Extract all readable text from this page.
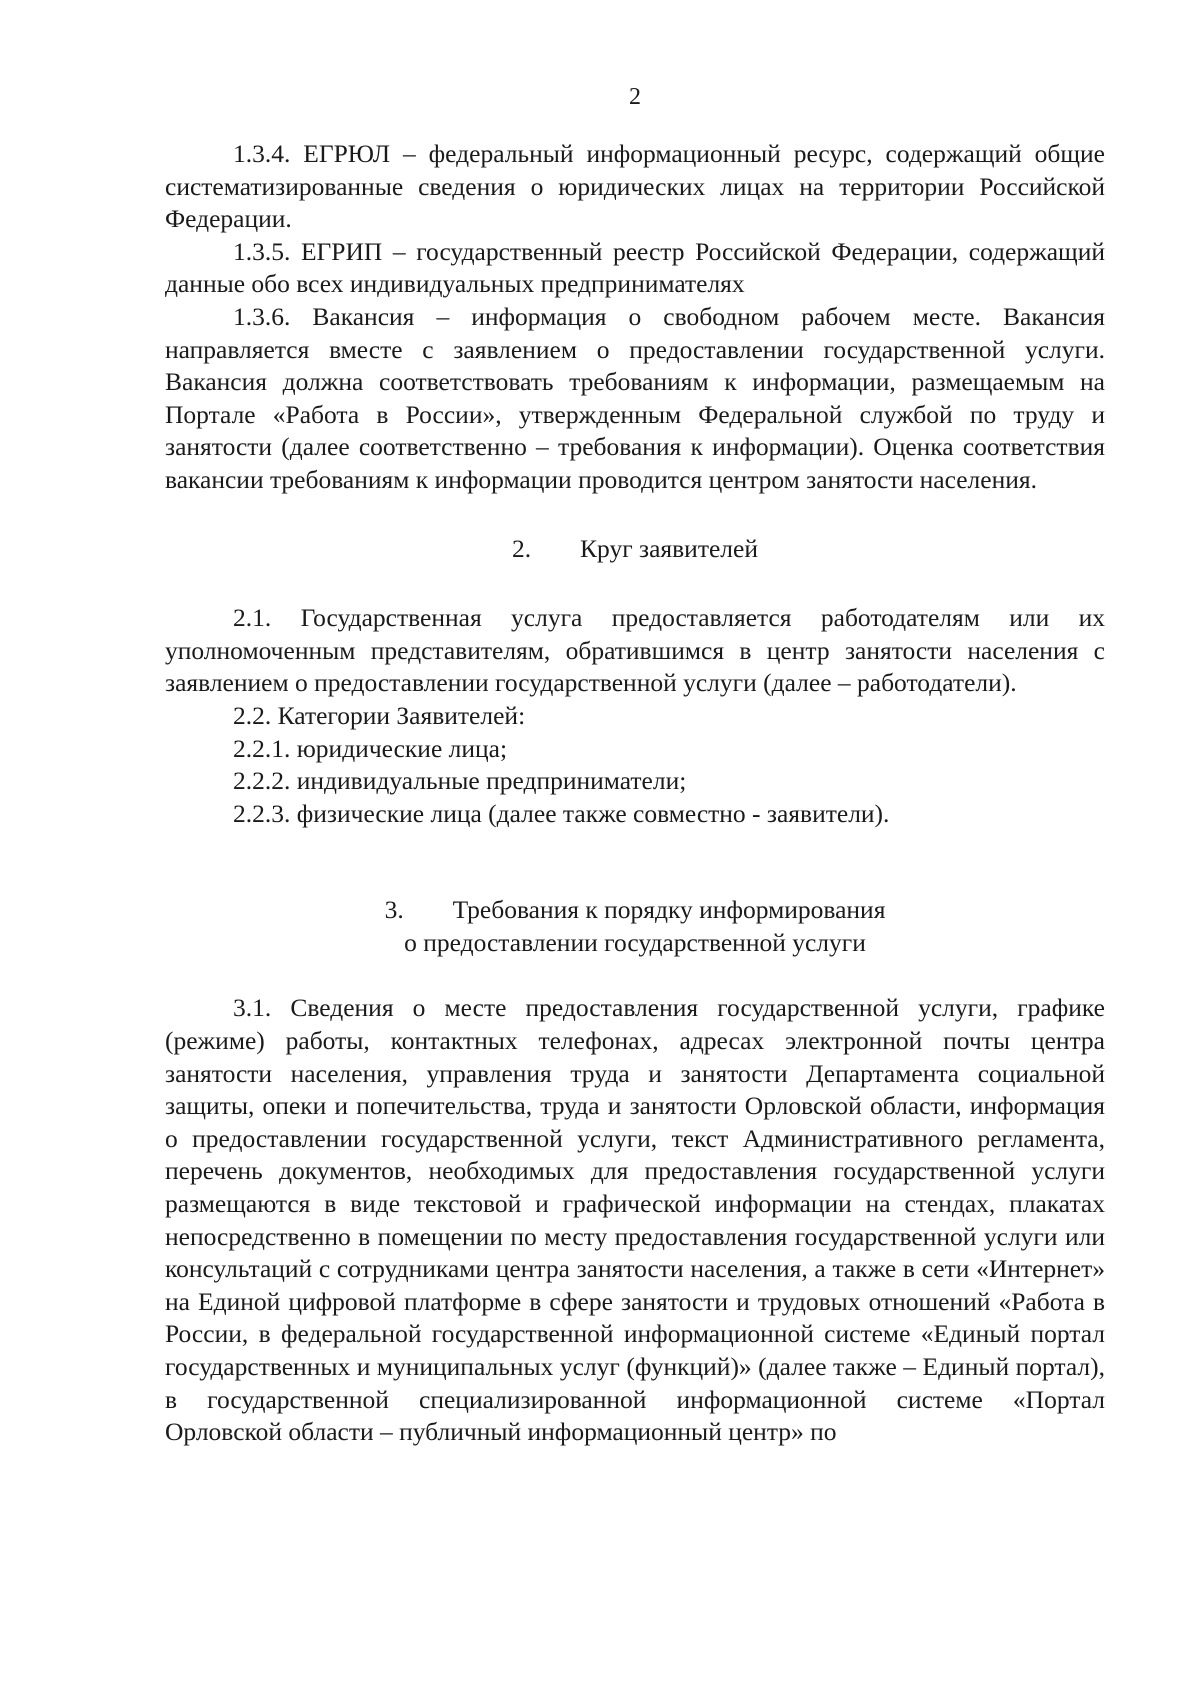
2

1.3.4. ЕГРЮЛ – федеральный информационный ресурс, содержащий общие систематизированные сведения о юридических лицах на территории Российской Федерации.

1.3.5. ЕГРИП – государственный реестр Российской Федерации, содержащий данные обо всех индивидуальных предпринимателях

1.3.6. Вакансия – информация о свободном рабочем месте. Вакансия направляется вместе с заявлением о предоставлении государственной услуги. Вакансия должна соответствовать требованиям к информации, размещаемым на Портале «Работа в России», утвержденным Федеральной службой по труду и занятости (далее соответственно – требования к информации). Оценка соответствия вакансии требованиям к информации проводится центром занятости населения.

2. Круг заявителей

2.1. Государственная услуга предоставляется работодателям или их уполномоченным представителям, обратившимся в центр занятости населения с заявлением о предоставлении государственной услуги (далее – работодатели).

2.2. Категории Заявителей:

2.2.1. юридические лица;

2.2.2. индивидуальные предприниматели;

2.2.3. физические лица (далее также совместно - заявители).

3. Требования к порядку информирования
о предоставлении государственной услуги

3.1. Сведения о месте предоставления государственной услуги, графике (режиме) работы, контактных телефонах, адресах электронной почты центра занятости населения, управления труда и занятости Департамента социальной защиты, опеки и попечительства, труда и занятости Орловской области, информация о предоставлении государственной услуги, текст Административного регламента, перечень документов, необходимых для предоставления государственной услуги размещаются в виде текстовой и графической информации на стендах, плакатах непосредственно в помещении по месту предоставления государственной услуги или консультаций с сотрудниками центра занятости населения, а также в сети «Интернет» на Единой цифровой платформе в сфере занятости и трудовых отношений «Работа в России, в федеральной государственной информационной системе «Единый портал государственных и муниципальных услуг (функций)» (далее также – Единый портал), в государственной специализированной информационной системе «Портал Орловской области – публичный информационный центр» по
